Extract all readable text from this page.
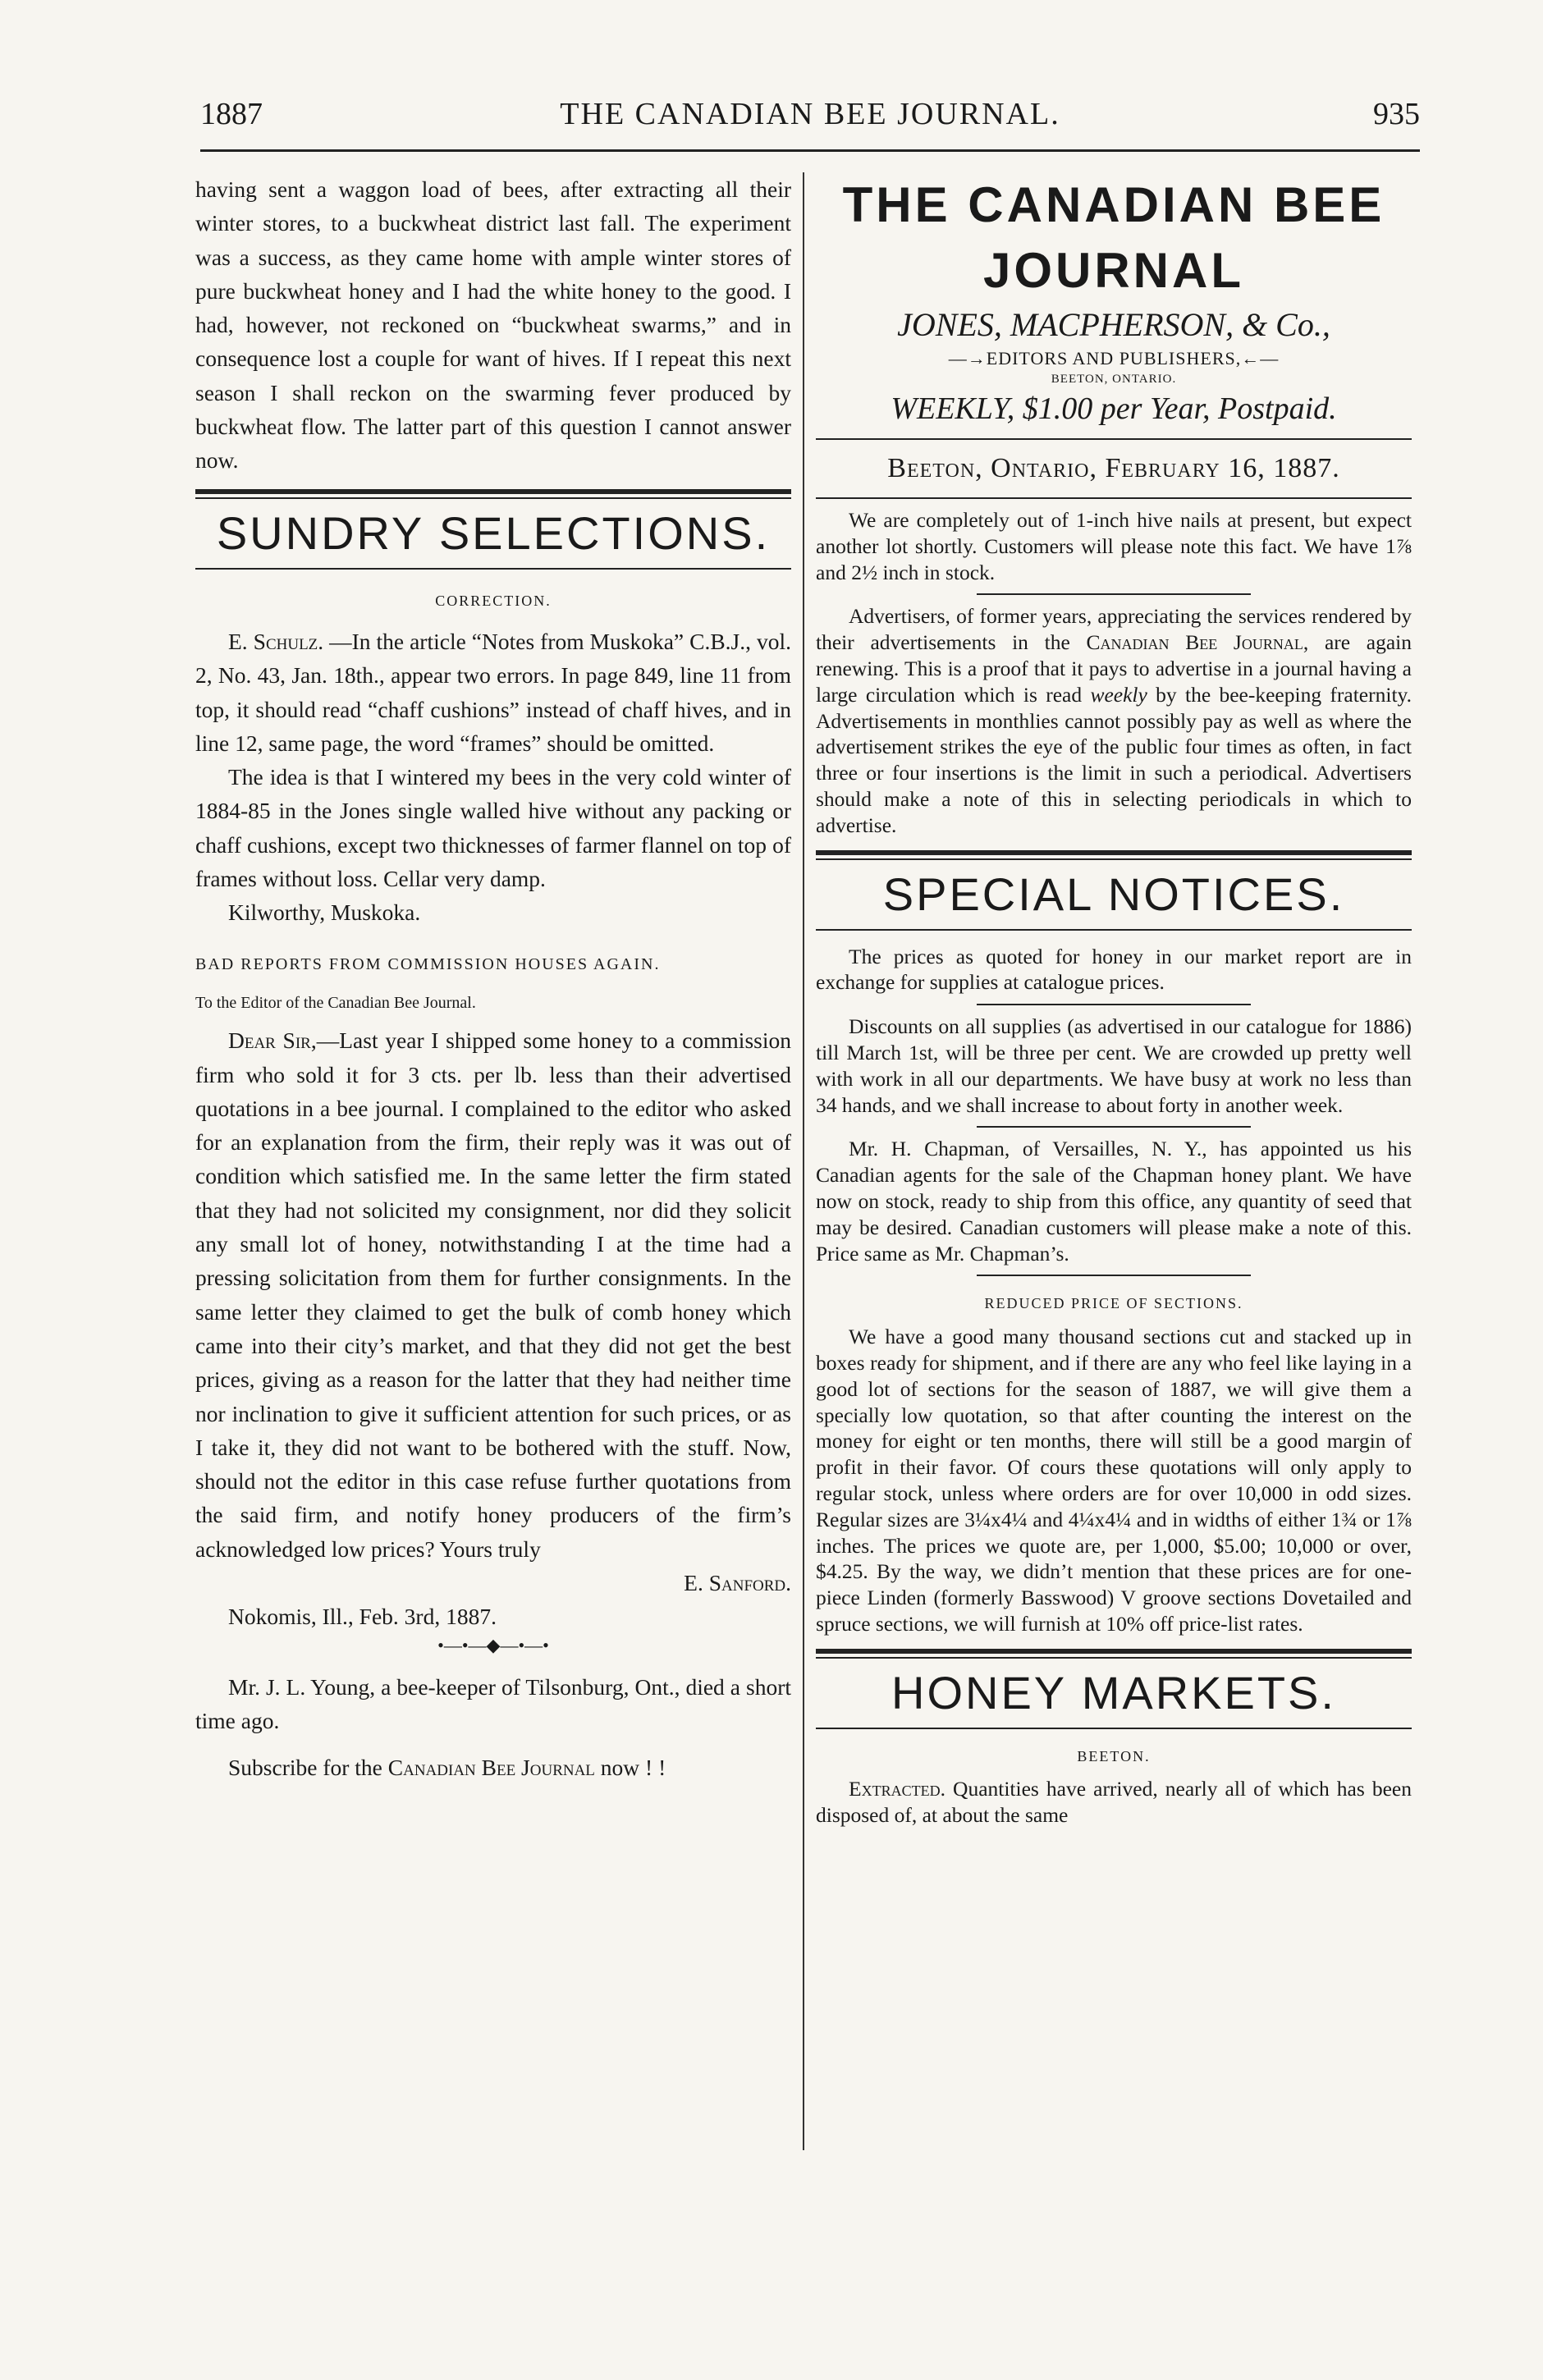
1887	THE CANADIAN BEE JOURNAL.	935

having sent a waggon load of bees, after extracting all their winter stores, to a buckwheat district last fall. The experiment was a success, as they came home with ample winter stores of pure buckwheat honey and I had the white honey to the good. I had, however, not reckoned on “buckwheat swarms,” and in consequence lost a couple for want of hives. If I repeat this next season I shall reckon on the swarming fever produced by buckwheat flow. The latter part of this question I cannot answer now.

SUNDRY SELECTIONS.
CORRECTION.

E. Schulz. —In the article “Notes from Muskoka” C.B.J., vol. 2, No. 43, Jan. 18th., appear two errors. In page 849, line 11 from top, it should read “chaff cushions” instead of chaff hives, and in line 12, same page, the word “frames” should be omitted.

The idea is that I wintered my bees in the very cold winter of 1884-85 in the Jones single walled hive without any packing or chaff cushions, except two thicknesses of farmer flannel on top of frames without loss. Cellar very damp.

Kilworthy, Muskoka.

BAD REPORTS FROM COMMISSION HOUSES AGAIN.

To the Editor of the Canadian Bee Journal.

Dear Sir,—Last year I shipped some honey to a commission firm who sold it for 3 cts. per lb. less than their advertised quotations in a bee journal. I complained to the editor who asked for an explanation from the firm, their reply was it was out of condition which satisfied me. In the same letter the firm stated that they had not solicited my consignment, nor did they solicit any small lot of honey, notwithstanding I at the time had a pressing solicitation from them for further consignments. In the same letter they claimed to get the bulk of comb honey which came into their city’s market, and that they did not get the best prices, giving as a reason for the latter that they had neither time nor inclination to give it sufficient attention for such prices, or as I take it, they did not want to be bothered with the stuff. Now, should not the editor in this case refuse further quotations from the said firm, and notify honey producers of the firm’s acknowledged low prices? Yours truly

E. Sanford.

Nokomis, Ill., Feb. 3rd, 1887.

•—•—◆—•—•

Mr. J. L. Young, a bee-keeper of Tilsonburg, Ont., died a short time ago.

Subscribe for the Canadian Bee Journal now ! !

THE CANADIAN BEE JOURNAL
JONES, MACPHERSON, & Co.,
—→EDITORS AND PUBLISHERS,←—
BEETON, ONTARIO.
WEEKLY, $1.00 per Year, Postpaid.
Beeton, Ontario, February 16, 1887.

We are completely out of 1-inch hive nails at present, but expect another lot shortly. Customers will please note this fact. We have 1⅞ and 2½ inch in stock.

Advertisers, of former years, appreciating the services rendered by their advertisements in the Canadian Bee Journal, are again renewing. This is a proof that it pays to advertise in a journal having a large circulation which is read weekly by the bee-keeping fraternity. Advertisements in monthlies cannot possibly pay as well as where the advertisement strikes the eye of the public four times as often, in fact three or four insertions is the limit in such a periodical. Advertisers should make a note of this in selecting periodicals in which to advertise.

SPECIAL NOTICES.

The prices as quoted for honey in our market report are in exchange for supplies at catalogue prices.

Discounts on all supplies (as advertised in our catalogue for 1886) till March 1st, will be three per cent. We are crowded up pretty well with work in all our departments. We have busy at work no less than 34 hands, and we shall increase to about forty in another week.

Mr. H. Chapman, of Versailles, N. Y., has appointed us his Canadian agents for the sale of the Chapman honey plant. We have now on stock, ready to ship from this office, any quantity of seed that may be desired. Canadian customers will please make a note of this. Price same as Mr. Chapman’s.

REDUCED PRICE OF SECTIONS.

We have a good many thousand sections cut and stacked up in boxes ready for shipment, and if there are any who feel like laying in a good lot of sections for the season of 1887, we will give them a specially low quotation, so that after counting the interest on the money for eight or ten months, there will still be a good margin of profit in their favor. Of cours these quotations will only apply to regular stock, unless where orders are for over 10,000 in odd sizes. Regular sizes are 3¼x4¼ and 4¼x4¼ and in widths of either 1¾ or 1⅞ inches. The prices we quote are, per 1,000, $5.00; 10,000 or over, $4.25. By the way, we didn’t mention that these prices are for one-piece Linden (formerly Basswood) V groove sections Dovetailed and spruce sections, we will furnish at 10% off price-list rates.

HONEY MARKETS.
BEETON.

Extracted. Quantities have arrived, nearly all of which has been disposed of, at about the same
